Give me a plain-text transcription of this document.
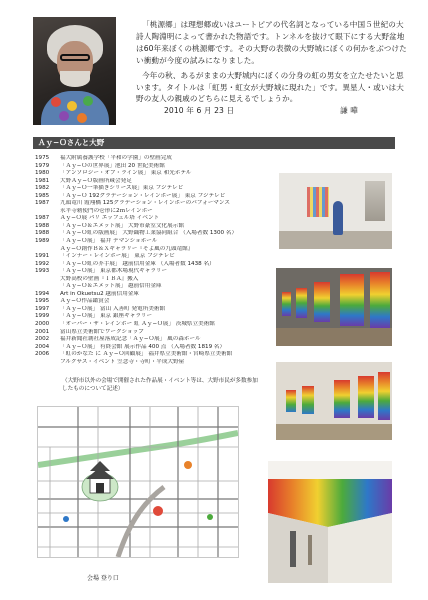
「桃源郷」は理想郷或いはユートピアの代名詞となっている中国５世紀の大詩人陶淵明によって書かれた物語です。トンネルを抜けて眼下にする大野盆地は60年来ぼくの桃源郷です。その大野の表徴の大野城にぼくの何かをぶつけたい衝動が今度の試みになりました。

今年の秋、あるがままの大野城内にぼくの分身の虹の男女を立たせたいと思います。タイトルは「虹男・虹女が大野城に現れた」です。異星人・或いは大野の友人の親戚のどちらに見えるでしょうか。

2010 年 6 月 23 日	謙 嘩
Ａｙ−Ｏさんと大野
1975	福大附属養護学校「平和の学園」の壁画完成
1979	「Ａｙ−Ｏの世界展」池田 20 世紀美術館
1980	「アンソロジー・オブ・ライン展」 東京 和光ホテル
1981	大野Ａｙ−Ｏ版画所蔵会発足
1982	「Ａｙ−Ｏ一筆描きシリーズ展」東京 フジテレビ
1985	「Ａｙ−Ｏ 192グラデーション・レインボー展」 東京 フジテレビ
1987	九頭竜川 霞翔橋 125グラデーション・レインボーのパフォーマンス
永平寺勅使門の壱形に2ｍレインボー
1987	Ａｙ−Ｏ展 パリ エッフェル塔 イベント
1988	「Ａｙ−Ｏ＆エメット展」 大野市豪室文化展示館
1988	「Ａｙ−Ｏ虹の版画展」 大野織物工業協同組合 （入場者数 1300 名）
1989	「Ａｙ−Ｏ展」 福井 デマンショホール
Ａｙ−Ｏ創作Ｂ＆Ｘギャラリー『そよ風の九頭竜館』
1991	「インナー・レインボー展」 東京 フジテレビ
1992	「Ａｙ−Ｏ虹の芥手展」 越前信用金庫 （入場者数 1438 名）
1993	「Ａｙ−Ｏ展」 東京都木場現代ギャラリー
大野高校の壁画『ＩＢＡ』搬入
「Ａｙ−Ｏ＆エメット展」 越前信用金庫
1994	Art in Okuetsu2 越前信用金庫
1995	Ａｙ−Ｏ作品鑑賞会
1997	「Ａｙ−Ｏ展」 富山 入善町 発電所美術館
1999	「Ａｙ−Ｏ展」 東京 銀座ギャラリー
2000	「オーバー・ザ・レインボー 虹 Ａｙ−Ｏ展」 茨城県立美術館
2001	富山県立美術館でワークショップ
2002	福井新聞社創社屋落成記念「Ａｙ−Ｏ展」 風の森ホール
2004	「Ａｙ−Ｏ展」 有終会館 展示作品 400 点 （入場者数 1819 名）
2006	「虹のかなた に Ａｙ−Ｏ回顧展」 福井県立美術館・宮崎県立美術館
フルクサス・イベント 笠念寺・寺町・平成大野屋
（大野市以外の会場で開催された作品展・イベント等は、大野市民が多数参加したものについて記述）
会場 登り口
